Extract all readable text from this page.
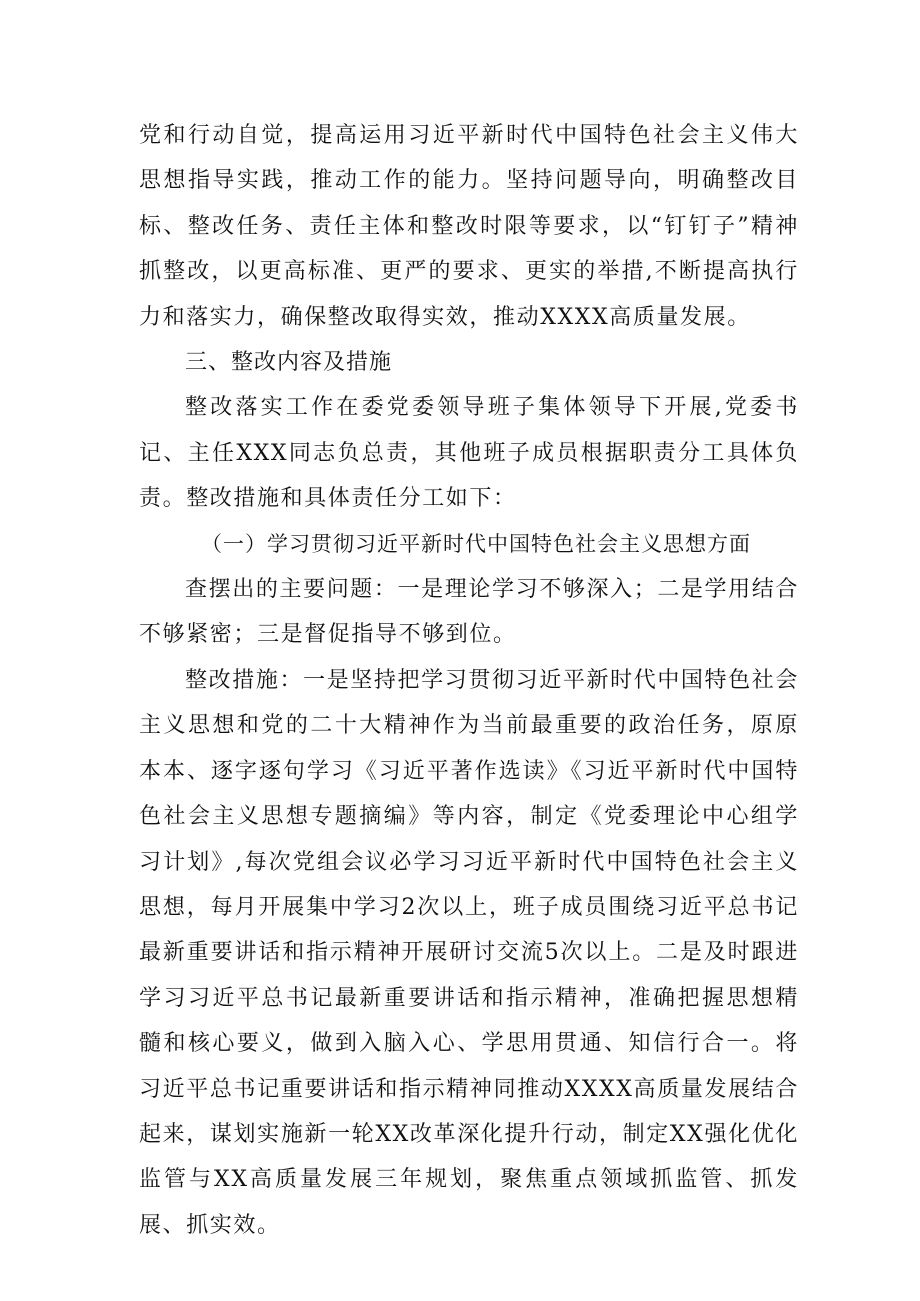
党和行动自觉，提高运用习近平新时代中国特色社会主义伟大思想指导实践，推动工作的能力。坚持问题导向，明确整改目标、整改任务、责任主体和整改时限等要求，以“钉钉子”精神抓整改，以更高标准、更严的要求、更实的举措,不断提高执行力和落实力，确保整改取得实效，推动XXXX高质量发展。

三、整改内容及措施

整改落实工作在委党委领导班子集体领导下开展,党委书记、主任XXX同志负总责，其他班子成员根据职责分工具体负责。整改措施和具体责任分工如下：

（一）学习贯彻习近平新时代中国特色社会主义思想方面

查摆出的主要问题：一是理论学习不够深入；二是学用结合不够紧密；三是督促指导不够到位。

整改措施：一是坚持把学习贯彻习近平新时代中国特色社会主义思想和党的二十大精神作为当前最重要的政治任务，原原本本、逐字逐句学习《习近平著作选读》《习近平新时代中国特色社会主义思想专题摘编》等内容，制定《党委理论中心组学习计划》,每次党组会议必学习习近平新时代中国特色社会主义思想，每月开展集中学习2次以上，班子成员围绕习近平总书记最新重要讲话和指示精神开展研讨交流5次以上。二是及时跟进学习习近平总书记最新重要讲话和指示精神，准确把握思想精髓和核心要义，做到入脑入心、学思用贯通、知信行合一。将习近平总书记重要讲话和指示精神同推动XXXX高质量发展结合起来，谋划实施新一轮XX改革深化提升行动，制定XX强化优化监管与XX高质量发展三年规划，聚焦重点领域抓监管、抓发展、抓实效。
